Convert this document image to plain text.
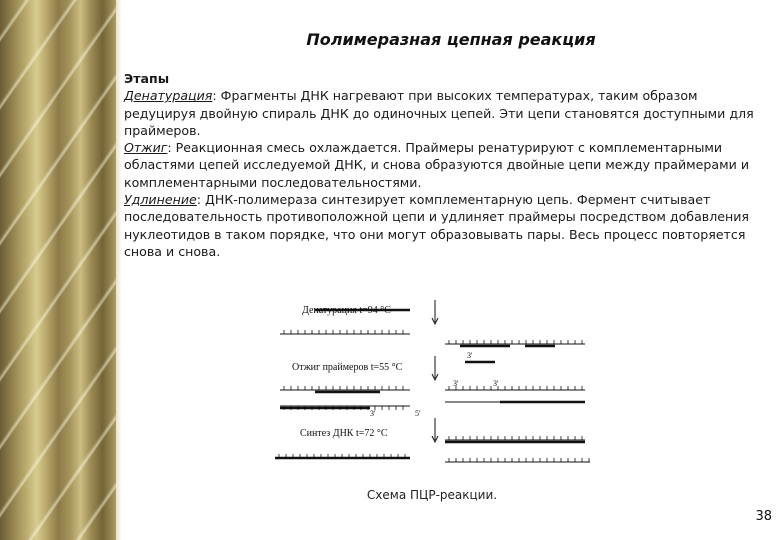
Полимеразная цепная реакция
Этапы
Денатурация: Фрагменты ДНК нагревают при высоких температурах, таким образом редуцируя двойную спираль ДНК до одиночных цепей. Эти цепи становятся доступными для праймеров.
Отжиг: Реакционная смесь охлаждается. Праймеры ренатурируют с комплементарными областями цепей исследуемой ДНК, и снова образуются двойные цепи между праймерами и комплементарными последовательностями.
Удлинение: ДНК-полимераза синтезирует комплементарную цепь. Фермент считывает последовательность противоположной цепи и удлиняет праймеры посредством добавления нуклеотидов в таком порядке, что они могут образовывать пары. Весь процесс повторяется снова и снова.
Денатурация t=94 °С
Отжиг праймеров t=55 °С
3'
3'	3'
3'	5'
Синтез ДНК t=72 °С
Схема ПЦР-реакции.
38
